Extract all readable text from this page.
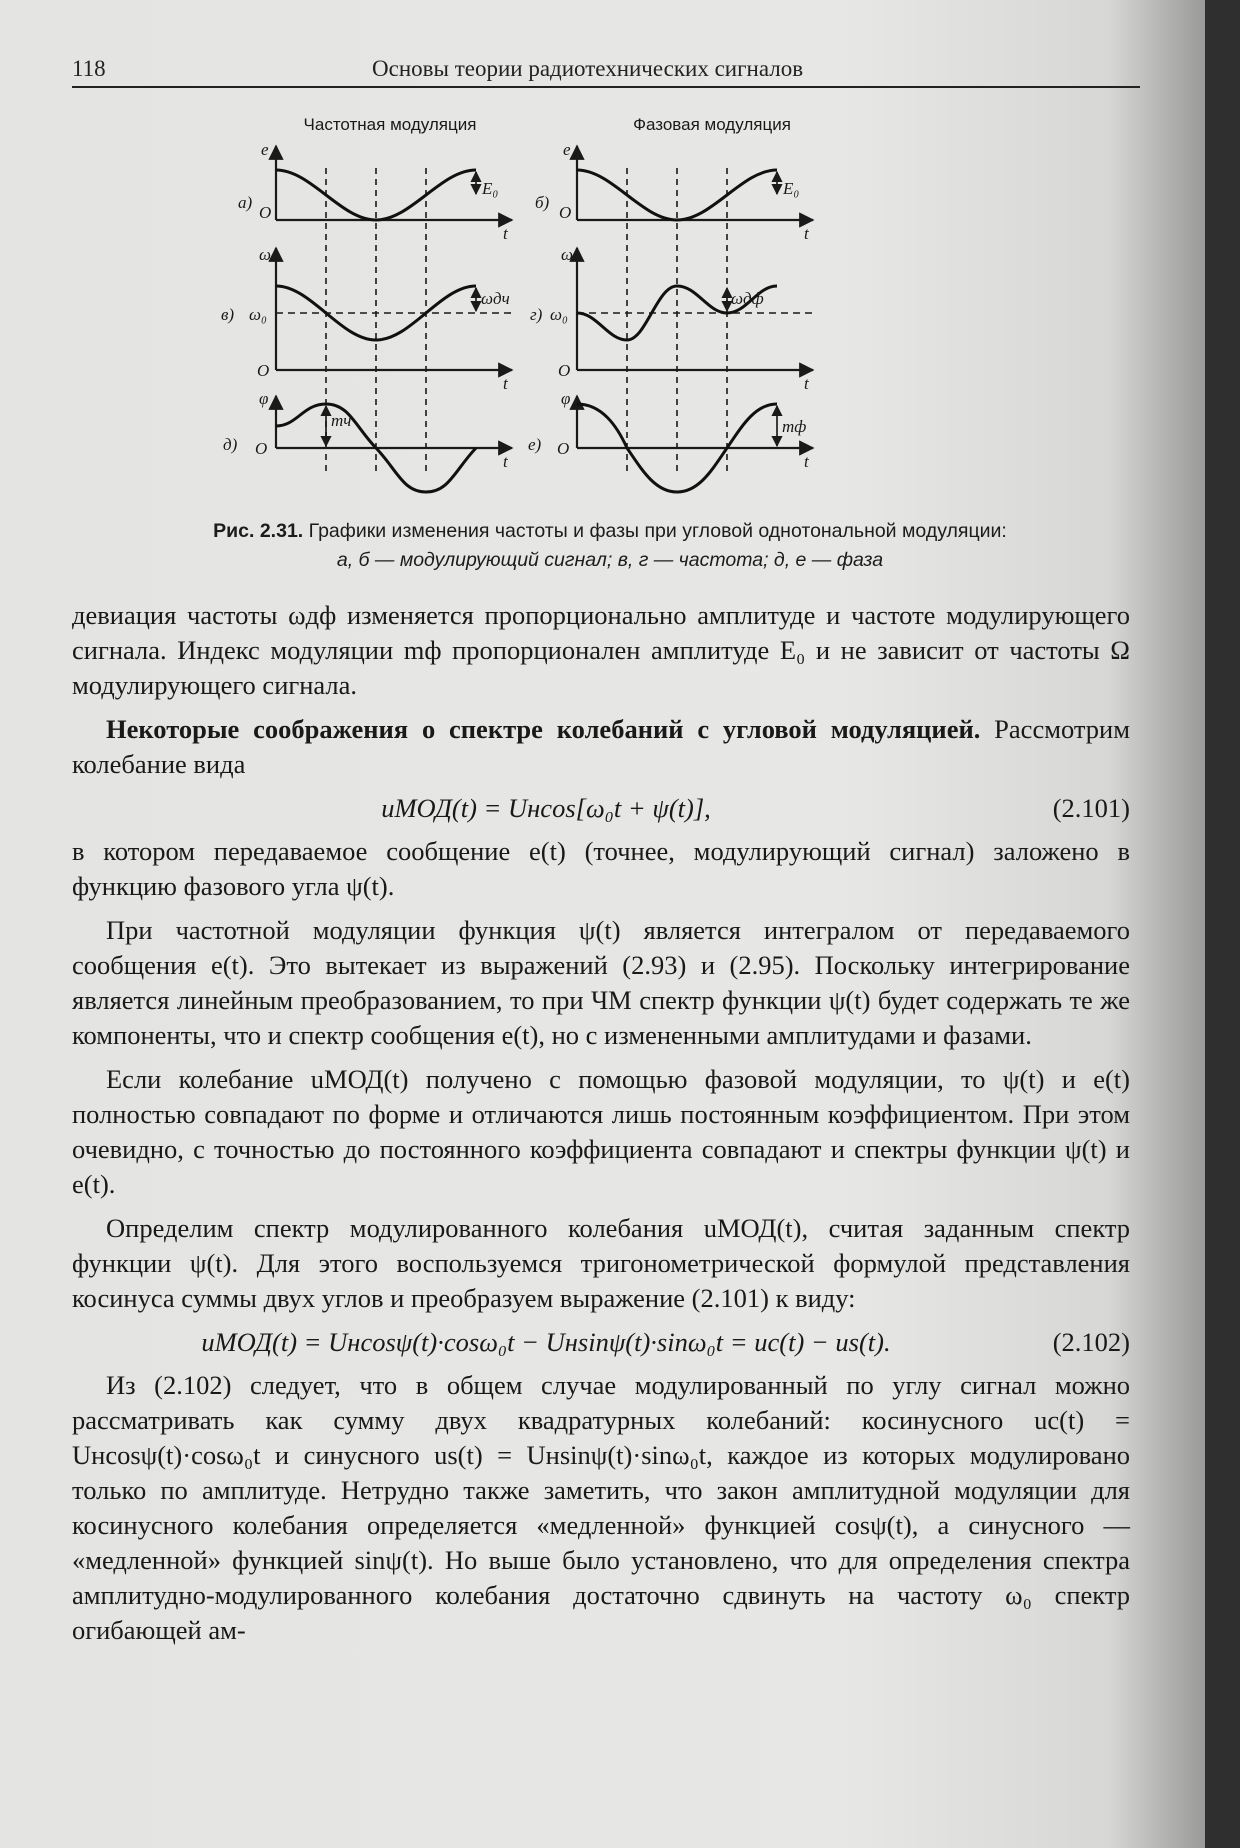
118	Основы теории радиотехнических сигналов
Частотная модуляция	Фазовая модуляция
а)
e
O
t
E₀
б)
e
O
t
E₀
в)
ω
ω₀
O
t
ωдч
г)
ω
ω₀
O
t
ωдф
д)
φ
O
t
mч
е)
φ
O
t
mф
Рис. 2.31. Графики изменения частоты и фазы при угловой однотональной модуляции:
а, б — модулирующий сигнал; в, г — частота; д, е — фаза

девиация частоты ωдф изменяется пропорционально амплитуде и частоте модулирующего сигнала. Индекс модуляции mф пропорционален амплитуде E₀ и не зависит от частоты Ω модулирующего сигнала.

Некоторые соображения о спектре колебаний с угловой модуляцией. Рассмотрим колебание вида

uМОД(t) = Uнcos[ω₀t + ψ(t)],	(2.101)

в котором передаваемое сообщение e(t) (точнее, модулирующий сигнал) заложено в функцию фазового угла ψ(t).

При частотной модуляции функция ψ(t) является интегралом от передаваемого сообщения e(t). Это вытекает из выражений (2.93) и (2.95). Поскольку интегрирование является линейным преобразованием, то при ЧМ спектр функции ψ(t) будет содержать те же компоненты, что и спектр сообщения e(t), но с измененными амплитудами и фазами.

Если колебание uМОД(t) получено с помощью фазовой модуляции, то ψ(t) и e(t) полностью совпадают по форме и отличаются лишь постоянным коэффициентом. При этом очевидно, с точностью до постоянного коэффициента совпадают и спектры функции ψ(t) и e(t).

Определим спектр модулированного колебания uМОД(t), считая заданным спектр функции ψ(t). Для этого воспользуемся тригонометрической формулой представления косинуса суммы двух углов и преобразуем выражение (2.101) к виду:

uМОД(t) = Uнcosψ(t)·cosω₀t − Uнsinψ(t)·sinω₀t = uc(t) − us(t).	(2.102)

Из (2.102) следует, что в общем случае модулированный по углу сигнал можно рассматривать как сумму двух квадратурных колебаний: косинусного uc(t) = Uнcosψ(t)·cosω₀t и синусного us(t) = Uнsinψ(t)·sinω₀t, каждое из которых модулировано только по амплитуде. Нетрудно также заметить, что закон амплитудной модуляции для косинусного колебания определяется «медленной» функцией cosψ(t), а синусного — «медленной» функцией sinψ(t). Но выше было установлено, что для определения спектра амплитудно-модулированного колебания достаточно сдвинуть на частоту ω₀ спектр огибающей ам-
